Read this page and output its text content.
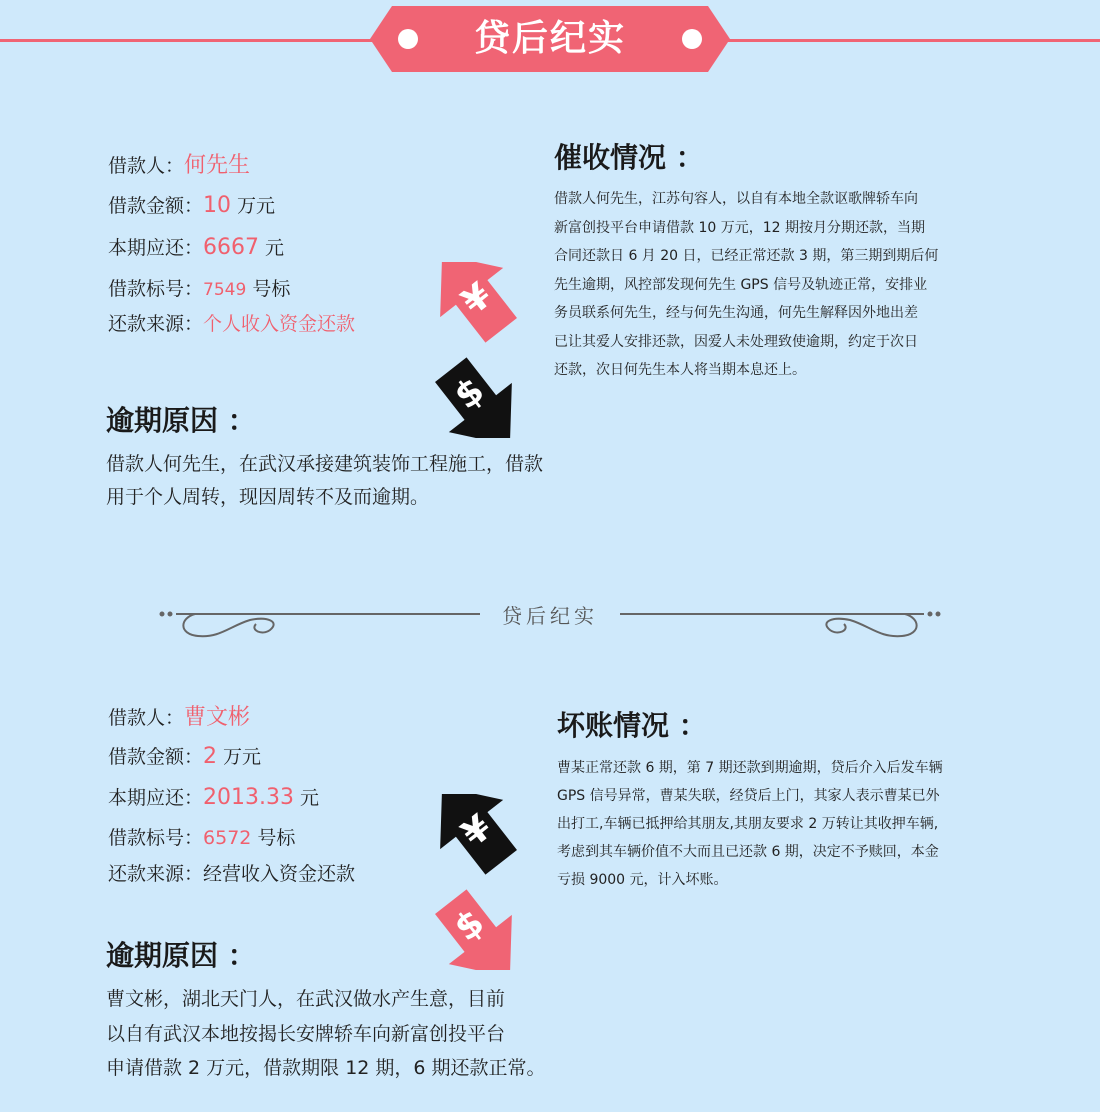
贷后纪实
借款人：何先生
借款金额：10 万元
本期应还：6667 元
借款标号：7549 号标
还款来源：个人收入资金还款
催收情况 ：
借款人何先生，江苏句容人，以自有本地全款讴歌牌轿车向
新富创投平台申请借款 10 万元，12 期按月分期还款，当期
合同还款日 6 月 20 日，已经正常还款 3 期，第三期到期后何
先生逾期，风控部发现何先生 GPS 信号及轨迹正常，安排业
务员联系何先生，经与何先生沟通，何先生解释因外地出差
已让其爱人安排还款，因爱人未处理致使逾期，约定于次日
还款，次日何先生本人将当期本息还上。
¥
$
逾期原因 ：
借款人何先生，在武汉承接建筑装饰工程施工，借款
用于个人周转，现因周转不及而逾期。
贷后纪实
借款人：曹文彬
借款金额：2 万元
本期应还：2013.33 元
借款标号：6572 号标
还款来源：经营收入资金还款
坏账情况 ：
曹某正常还款 6 期，第 7 期还款到期逾期，贷后介入后发车辆
GPS 信号异常，曹某失联，经贷后上门，其家人表示曹某已外
出打工,车辆已抵押给其朋友,其朋友要求 2 万转让其收押车辆,
考虑到其车辆价值不大而且已还款 6 期，决定不予赎回，本金
亏损 9000 元，计入坏账。
¥
$
逾期原因 ：
曹文彬，湖北天门人，在武汉做水产生意，目前
以自有武汉本地按揭长安牌轿车向新富创投平台
申请借款 2 万元，借款期限 12 期，6 期还款正常。
